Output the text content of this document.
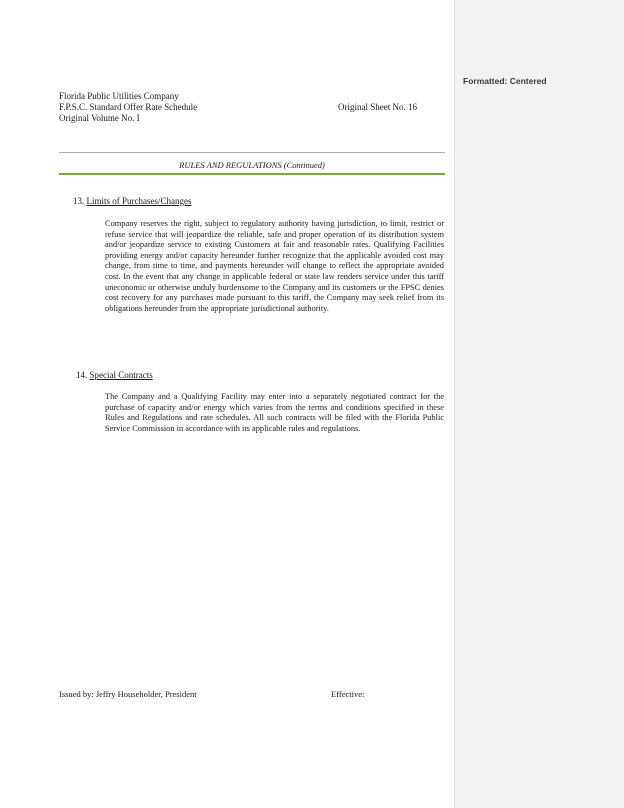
Florida Public Utilities Company
F.P.S.C. Standard Offer Rate Schedule
Original Volume No. I
Original Sheet No. 16
RULES AND REGULATIONS (Continued)
13. Limits of Purchases/Changes

Company reserves the right, subject to regulatory authority having jurisdiction, to limit, restrict or refuse service that will jeopardize the reliable, safe and proper operation of its distribution system and/or jeopardize service to existing Customers at fair and reasonable rates. Qualifying Facilities providing energy and/or capacity hereunder further recognize that the applicable avoided cost may change, from time to time, and payments hereunder will change to reflect the appropriate avoided cost. In the event that any change in applicable federal or state law renders service under this tariff uneconomic or otherwise unduly burdensome to the Company and its customers or the FPSC denies cost recovery for any purchases made pursuant to this tariff, the Company may seek relief from its obligations hereunder from the appropriate jurisdictional authority.

14. Special Contracts

The Company and a Qualifying Facility may enter into a separately negotiated contract for the purchase of capacity and/or energy which varies from the terms and conditions specified in these Rules and Regulations and rate schedules. All such contracts will be filed with the Florida Public Service Commission in accordance with its applicable rules and regulations.

Issued by: Jeffry Householder, President	Effective:
Formatted: Centered
